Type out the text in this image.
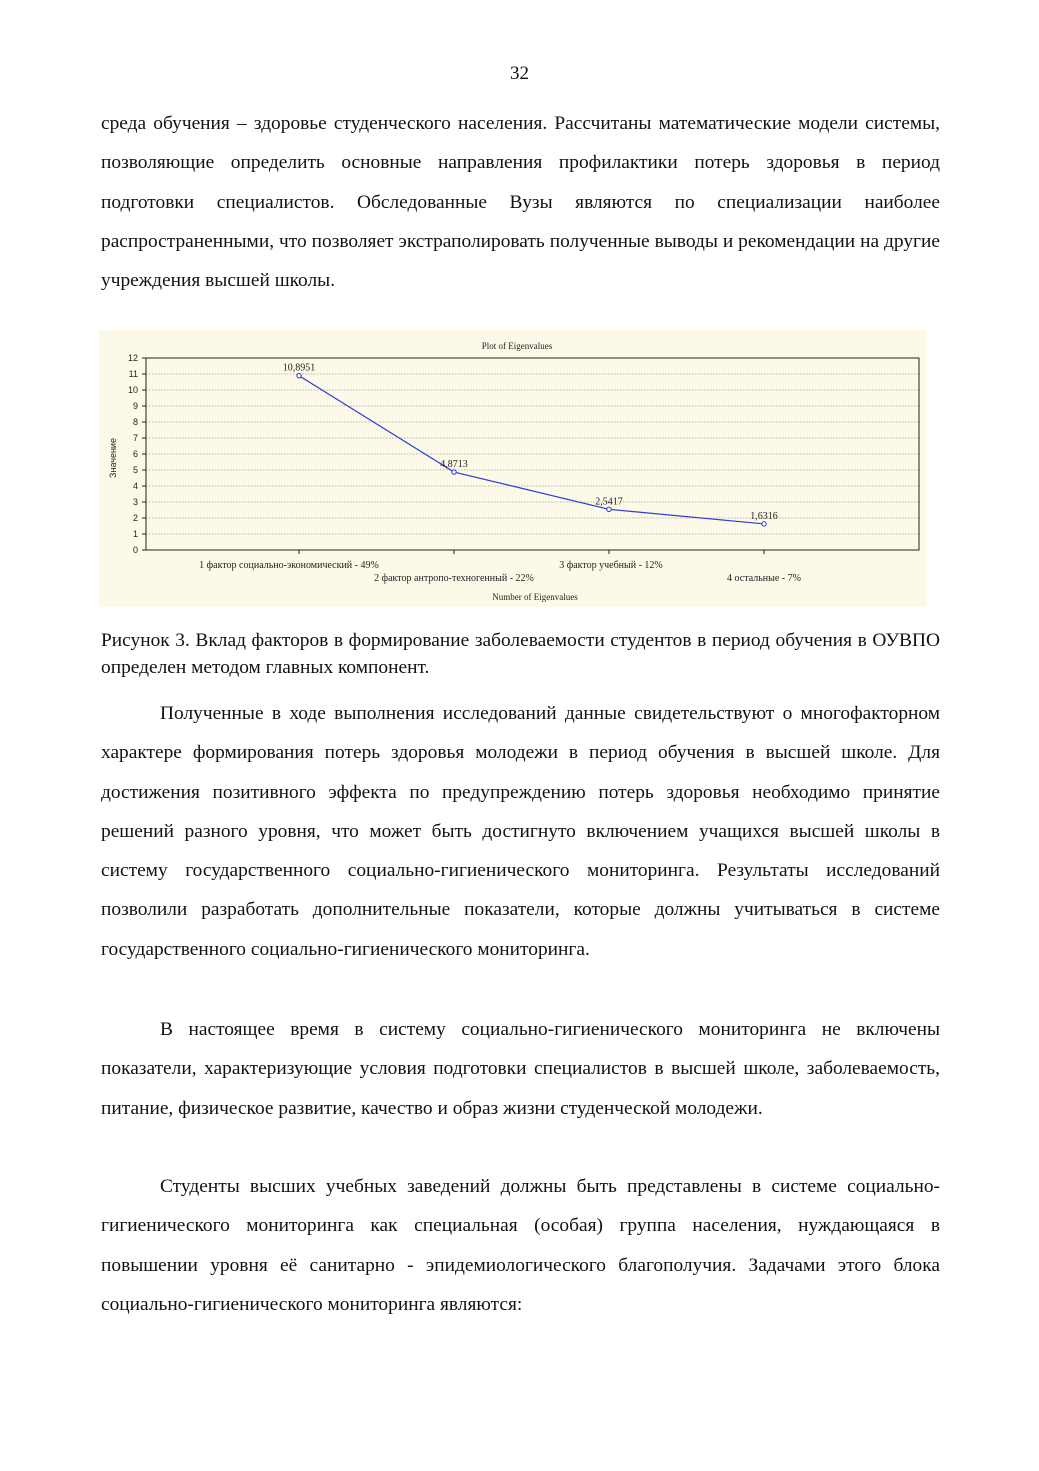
32

среда обучения – здоровье студенческого населения. Рассчитаны математические модели системы, позволяющие определить основные направления профилактики потерь здоровья в период подготовки специалистов. Обследованные Вузы являются по специализации наиболее распространенными, что позволяет экстраполировать полученные выводы и рекомендации на другие учреждения высшей школы.

Plot of Eigenvalues
0
1
2
3
4
5
6
7
8
9
10
11
12
10,8951
4,8713
2,5417
1,6316
1 фактор социально-экономический - 49%
2 фактор антропо-техногенный - 22%
3 фактор учебный - 12%
4 остальные - 7%
Значение
Number of Eigenvalues

Рисунок 3. Вклад факторов в формирование заболеваемости студентов в период обучения в ОУВПО определен методом главных компонент.

Полученные в ходе выполнения исследований данные свидетельствуют о многофакторном характере формирования потерь здоровья молодежи в период обучения в высшей школе. Для достижения позитивного эффекта по предупреждению потерь здоровья необходимо принятие решений разного уровня, что может быть достигнуто включением учащихся высшей школы в систему государственного социально-гигиенического мониторинга. Результаты исследований позволили разработать дополнительные показатели, которые должны учитываться в системе государственного социально-гигиенического мониторинга.

В настоящее время в систему социально-гигиенического мониторинга не включены показатели, характеризующие условия подготовки специалистов в высшей школе, заболеваемость, питание, физическое развитие, качество и образ жизни студенческой молодежи.

Студенты высших учебных заведений должны быть представлены в системе социально-гигиенического мониторинга как специальная (особая) группа населения, нуждающаяся в повышении уровня её санитарно - эпидемиологического благополучия. Задачами этого блока социально-гигиенического мониторинга являются:
